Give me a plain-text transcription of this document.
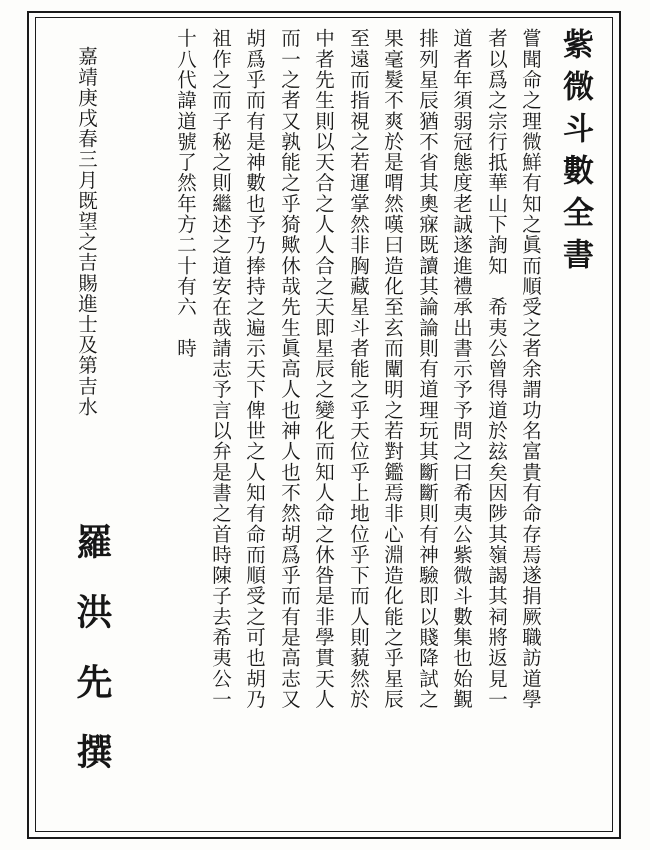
紫微斗數全書
嘗聞命之理微鮮有知之眞而順受之者余謂功名富貴有命存焉遂捐厥職訪道學
者以爲之宗行抵華山下詢知　希夷公曾得道於玆矣因陟其嶺謁其祠將返見一
道者年須弱冠態度老誠遂進禮承出書示予予問之曰希夷公紫微斗數集也始覲
排列星辰猶不省其奧㝥既讀其論論則有道理玩其斷斷則有神驗即以賤降試之
果毫髮不爽於是喟然嘆曰造化至玄而闡明之若對鑑焉非心淵造化能之乎星辰
至遠而指視之若運掌然非胸藏星斗者能之乎天位乎上地位乎下而人則藐然於
中者先生則以天合之人人合之天即星辰之變化而知人命之休咎是非學貫天人
而一之者又孰能之乎猗歟休哉先生眞高人也神人也不然胡爲乎而有是高志又
胡爲乎而有是神數也予乃捧持之遍示天下俾世之人知有命而順受之可也胡乃
祖作之而子秘之則繼述之道安在哉請志予言以弁是書之首時陳子去希夷公一
十八代諱道號了然年方二十有六　時
嘉靖庚戌春三月既望之吉賜進士及第吉水
羅洪先撰
